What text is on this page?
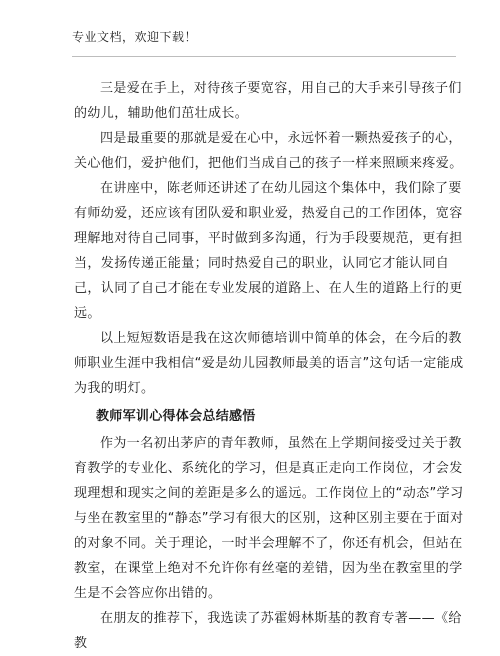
专业文档，欢迎下载！

三是爱在手上，对待孩子要宽容，用自己的大手来引导孩子们的幼儿，辅助他们茁壮成长。

四是最重要的那就是爱在心中，永远怀着一颗热爱孩子的心，关心他们，爱护他们，把他们当成自己的孩子一样来照顾来疼爱。

在讲座中，陈老师还讲述了在幼儿园这个集体中，我们除了要有师幼爱，还应该有团队爱和职业爱，热爱自己的工作团体，宽容理解地对待自己同事，平时做到多沟通，行为手段要规范，更有担当，发扬传递正能量；同时热爱自己的职业，认同它才能认同自己，认同了自己才能在专业发展的道路上、在人生的道路上行的更远。

以上短短数语是我在这次师德培训中简单的体会，在今后的教师职业生涯中我相信“爱是幼儿园教师最美的语言”这句话一定能成为我的明灯。

教师军训心得体会总结感悟

作为一名初出茅庐的青年教师，虽然在上学期间接受过关于教育教学的专业化、系统化的学习，但是真正走向工作岗位，才会发现理想和现实之间的差距是多么的遥远。工作岗位上的“动态”学习与坐在教室里的“静态”学习有很大的区别，这种区别主要在于面对的对象不同。关于理论，一时半会理解不了，你还有机会，但站在教室，在课堂上绝对不允许你有丝毫的差错，因为坐在教室里的学生是不会答应你出错的。

在朋友的推荐下，我选读了苏霍姆林斯基的教育专著——《给教
